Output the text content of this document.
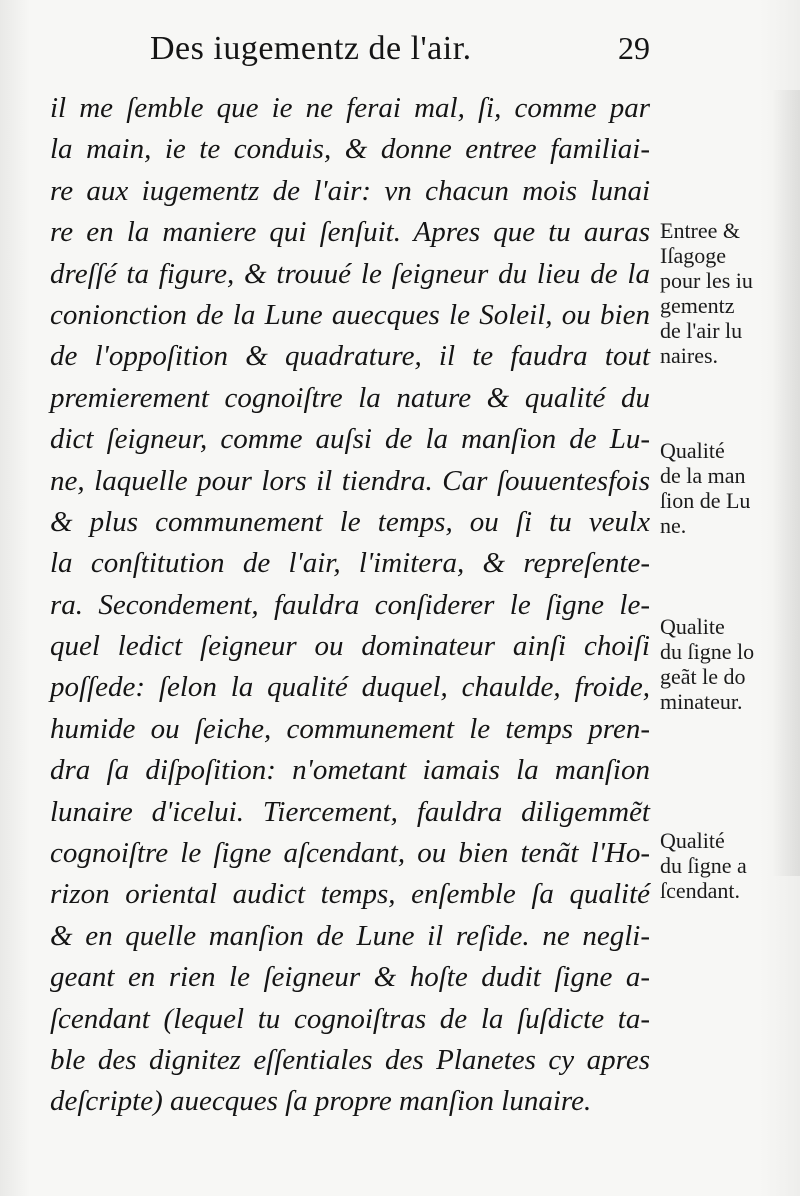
Des iugementz de l'air.	29
il me ſemble que ie ne ferai mal, ſi, comme par
la main, ie te conduis, & donne entree familiai-
re aux iugementz de l'air: vn chacun mois lunai
re en la maniere qui ſenſuit. Apres que tu auras
dreſſé ta figure, & trouué le ſeigneur du lieu de la
conionction de la Lune auecques le Soleil, ou bien
de l'oppoſition & quadrature, il te faudra tout
premierement cognoiſtre la nature & qualité du
dict ſeigneur, comme auſsi de la manſion de Lu-
ne, laquelle pour lors il tiendra. Car ſouuentesfois
& plus communement le temps, ou ſi tu veulx
la conſtitution de l'air, l'imitera, & repreſente-
ra. Secondement, fauldra conſiderer le ſigne le-
quel ledict ſeigneur ou dominateur ainſi choiſi
poſſede: ſelon la qualité duquel, chaulde, froide,
humide ou ſeiche, communement le temps pren-
dra ſa diſpoſition: n'ometant iamais la manſion
lunaire d'icelui. Tiercement, fauldra diligemmẽt
cognoiſtre le ſigne aſcendant, ou bien tenãt l'Ho-
rizon oriental audict temps, enſemble ſa qualité
& en quelle manſion de Lune il reſide. ne negli-
geant en rien le ſeigneur & hoſte dudit ſigne a-
ſcendant (lequel tu cognoiſtras de la ſuſdicte ta-
ble des dignitez eſſentiales des Planetes cy apres
deſcripte) auecques ſa propre manſion lunaire.
Entree &
Iſagoge
pour les iu
gementz
de l'air lu
naires.
Qualité
de la man
ſion de Lu
ne.
Qualite
du ſigne lo
geãt le do
minateur.
Qualité
du ſigne a
ſcendant.
